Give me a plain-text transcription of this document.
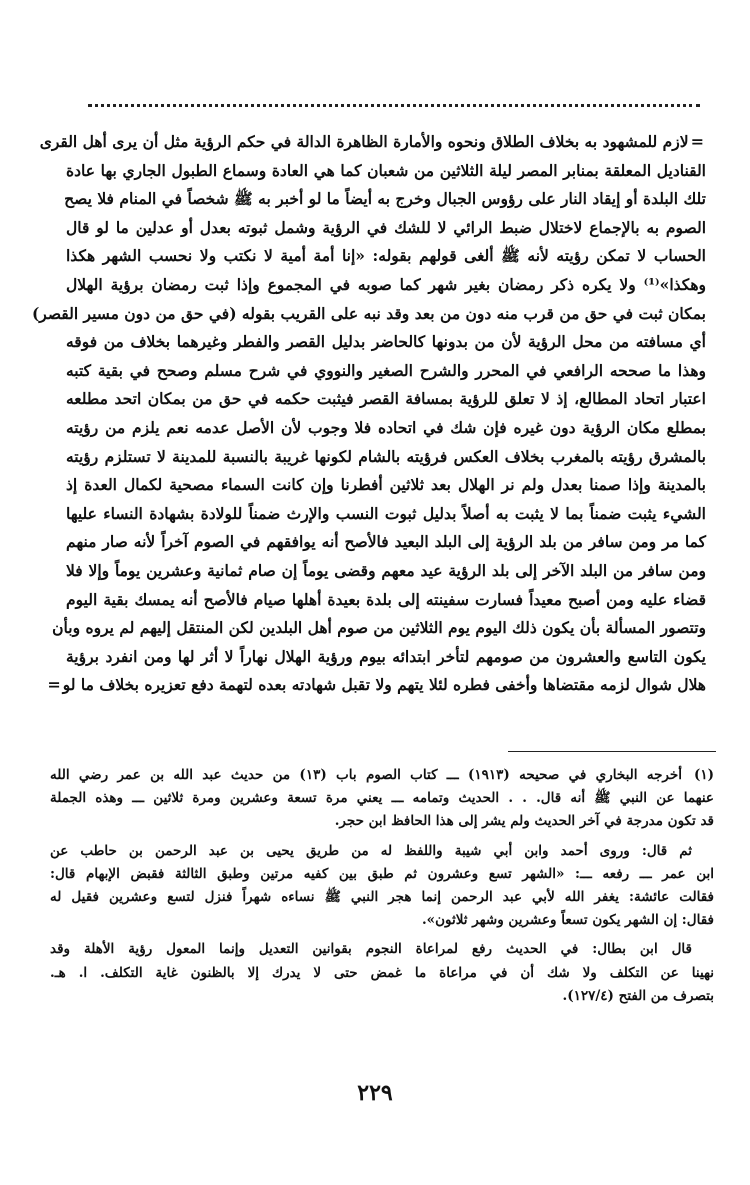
=لازم للمشهود به بخلاف الطلاق ونحوه والأمارة الظاهرة الدالة في حكم الرؤية مثل أن يرى أهل القرى
القناديل المعلقة بمنابر المصر ليلة الثلاثين من شعبان كما هي العادة وسماع الطبول الجاري بها عادة
تلك البلدة أو إيقاد النار على رؤوس الجبال وخرج به أيضاً ما لو أخبر به ﷺ شخصاً في المنام فلا يصح
الصوم به بالإجماع لاختلال ضبط الرائي لا للشك في الرؤية وشمل ثبوته بعدل أو عدلين ما لو قال
الحساب لا تمكن رؤيته لأنه ﷺ ألغى قولهم بقوله: «إنا أمة أمية لا نكتب ولا نحسب الشهر هكذا
وهكذا»⁽¹⁾ ولا يكره ذكر رمضان بغير شهر كما صوبه في المجموع وإذا ثبت رمضان برؤية الهلال
بمكان ثبت في حق من قرب منه دون من بعد وقد نبه على القريب بقوله (في حق من دون مسير القصر)
أي مسافته من محل الرؤية لأن من بدونها كالحاضر بدليل القصر والفطر وغيرهما بخلاف من فوقه
وهذا ما صححه الرافعي في المحرر والشرح الصغير والنووي في شرح مسلم وصحح في بقية كتبه
اعتبار اتحاد المطالع، إذ لا تعلق للرؤية بمسافة القصر فيثبت حكمه في حق من بمكان اتحد مطلعه
بمطلع مكان الرؤية دون غيره فإن شك في اتحاده فلا وجوب لأن الأصل عدمه نعم يلزم من رؤيته
بالمشرق رؤيته بالمغرب بخلاف العكس فرؤيته بالشام لكونها غريبة بالنسبة للمدينة لا تستلزم رؤيته
بالمدينة وإذا صمنا بعدل ولم نر الهلال بعد ثلاثين أفطرنا وإن كانت السماء مصحية لكمال العدة إذ
الشيء يثبت ضمناً بما لا يثبت به أصلاً بدليل ثبوت النسب والإرث ضمناً للولادة بشهادة النساء عليها
كما مر ومن سافر من بلد الرؤية إلى البلد البعيد فالأصح أنه يوافقهم في الصوم آخراً لأنه صار منهم
ومن سافر من البلد الآخر إلى بلد الرؤية عيد معهم وقضى يوماً إن صام ثمانية وعشرين يوماً وإلا فلا
قضاء عليه ومن أصبح معيداً فسارت سفينته إلى بلدة بعيدة أهلها صيام فالأصح أنه يمسك بقية اليوم
وتتصور المسألة بأن يكون ذلك اليوم يوم الثلاثين من صوم أهل البلدين لكن المنتقل إليهم لم يروه وبأن
يكون التاسع والعشرون من صومهم لتأخر ابتدائه بيوم ورؤية الهلال نهاراً لا أثر لها ومن انفرد برؤية
هلال شوال لزمه مقتضاها وأخفى فطره لئلا يتهم ولا تقبل شهادته بعده لتهمة دفع تعزيره بخلاف ما لو=
(١)أخرجه البخاري في صحيحه (١٩١٣) ـــ كتاب الصوم باب (١٣) من حديث عبد الله بن عمر رضي الله
عنهما عن النبي ﷺ أنه قال. . . الحديث وتمامه ـــ يعني مرة تسعة وعشرين ومرة ثلاثين ـــ وهذه الجملة
قد تكون مدرجة في آخر الحديث ولم يشر إلى هذا الحافظ ابن حجر.
ثم قال: وروى أحمد وابن أبي شيبة واللفظ له من طريق يحيى بن عبد الرحمن بن حاطب عن
ابن عمر ـــ رفعه ـــ: «الشهر تسع وعشرون ثم طبق بين كفيه مرتين وطبق الثالثة فقبض الإبهام قال:
فقالت عائشة: يغفر الله لأبي عبد الرحمن إنما هجر النبي ﷺ نساءه شهراً فنزل لتسع وعشرين فقيل له
فقال: إن الشهر يكون تسعاً وعشرين وشهر ثلاثون».
قال ابن بطال: في الحديث رفع لمراعاة النجوم بقوانين التعديل وإنما المعول رؤية الأهلة وقد
نهينا عن التكلف ولا شك أن في مراعاة ما غمض حتى لا يدرك إلا بالظنون غاية التكلف. ا. هـ.
بتصرف من الفتح (١٢٧/٤).
٢٢٩
